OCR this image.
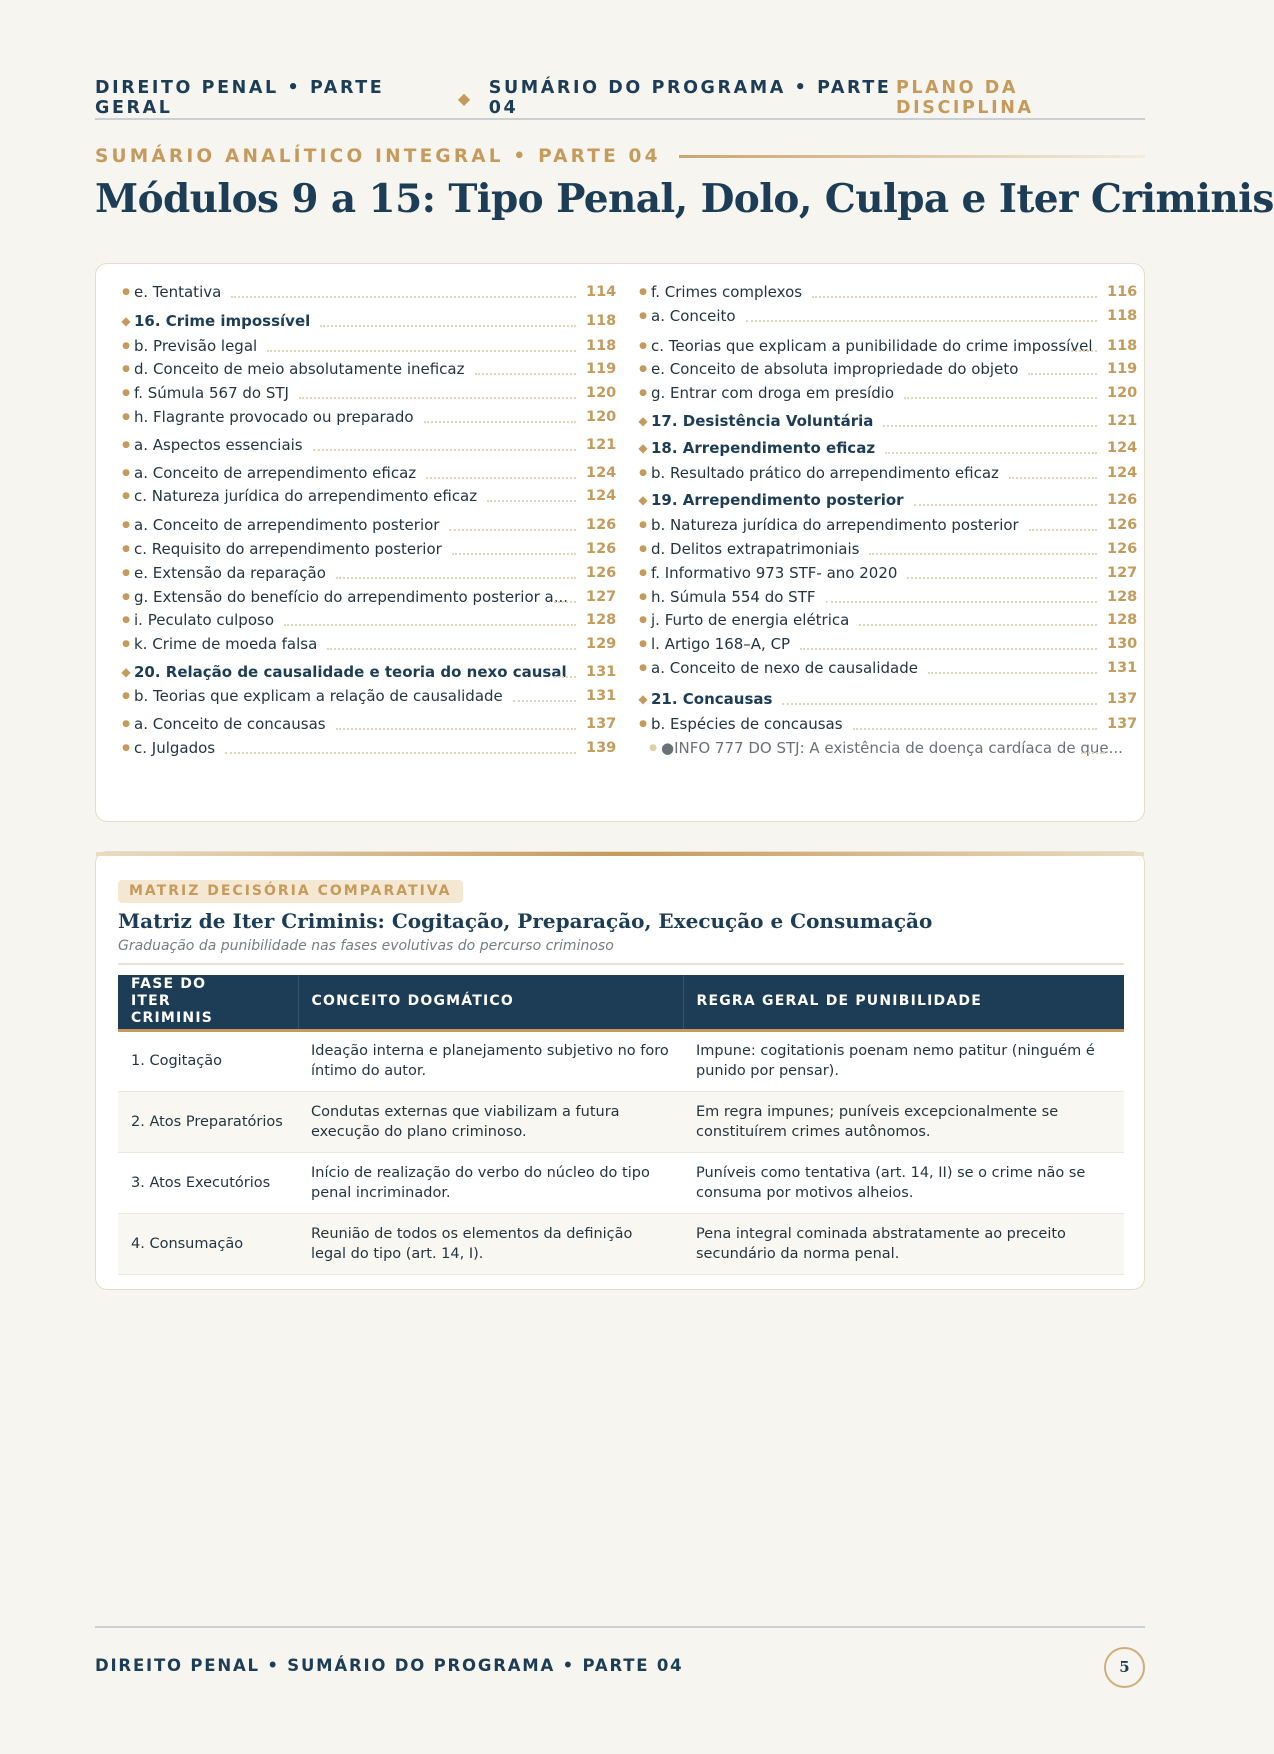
DIREITO PENAL • PARTE GERAL	◆ SUMÁRIO DO PROGRAMA • PARTE 04
PLANO DA DISCIPLINA
SUMÁRIO ANALÍTICO INTEGRAL • PARTE 04
Módulos 9 a 15: Tipo Penal, Dolo, Culpa e Iter Criminis
● e. Tentativa	114
◆ 16. Crime impossível	118
● b. Previsão legal	118
● d. Conceito de meio absolutamente ineficaz	119
● f. Súmula 567 do STJ	120
● h. Flagrante provocado ou preparado	120
● a. Aspectos essenciais	121
● a. Conceito de arrependimento eficaz	124
● c. Natureza jurídica do arrependimento eficaz	124
● a. Conceito de arrependimento posterior	126
● c. Requisito do arrependimento posterior	126
● e. Extensão da reparação	126
● g. Extensão do benefício do arrependimento posterior a... 127
● i. Peculato culposo	128
● k. Crime de moeda falsa	129
◆ 20. Relação de causalidade e teoria do nexo causal 131
● b. Teorias que explicam a relação de causalidade	131
● a. Conceito de concausas	137
● c. Julgados	139
● f. Crimes complexos	116
● a. Conceito	118
● c. Teorias que explicam a punibilidade do crime impossível 118
● e. Conceito de absoluta impropriedade do objeto	119
● g. Entrar com droga em presídio	120
◆ 17. Desistência Voluntária	121
◆ 18. Arrependimento eficaz	124
● b. Resultado prático do arrependimento eficaz	124
◆ 19. Arrependimento posterior	126
● b. Natureza jurídica do arrependimento posterior	126
● d. Delitos extrapatrimoniais	126
● f. Informativo 973 STF- ano 2020	127
● h. Súmula 554 do STF	128
● j. Furto de energia elétrica	128
● l. Artigo 168–A, CP	130
● a. Conceito de nexo de causalidade	131
◆ 21. Concausas	137
● b. Espécies de concausas	137
● ●INFO 777 DO STJ: A existência de doença cardíaca de que...
MATRIZ DECISÓRIA COMPARATIVA
Matriz de Iter Criminis: Cogitação, Preparação, Execução e Consumação
Graduação da punibilidade nas fases evolutivas do percurso criminoso
FASE DO ITER CRIMINIS	CONCEITO DOGMÁTICO	REGRA GERAL DE PUNIBILIDADE
1. Cogitação	Ideação interna e planejamento subjetivo no foro íntimo do autor.	Impune: cogitationis poenam nemo patitur (ninguém é punido por pensar).
2. Atos Preparatórios	Condutas externas que viabilizam a futura execução do plano criminoso.	Em regra impunes; puníveis excepcionalmente se constituírem crimes autônomos.
3. Atos Executórios	Início de realização do verbo do núcleo do tipo penal incriminador.	Puníveis como tentativa (art. 14, II) se o crime não se consuma por motivos alheios.
4. Consumação	Reunião de todos os elementos da definição legal do tipo (art. 14, I).	Pena integral cominada abstratamente ao preceito secundário da norma penal.
DIREITO PENAL • SUMÁRIO DO PROGRAMA • PARTE 04	5
